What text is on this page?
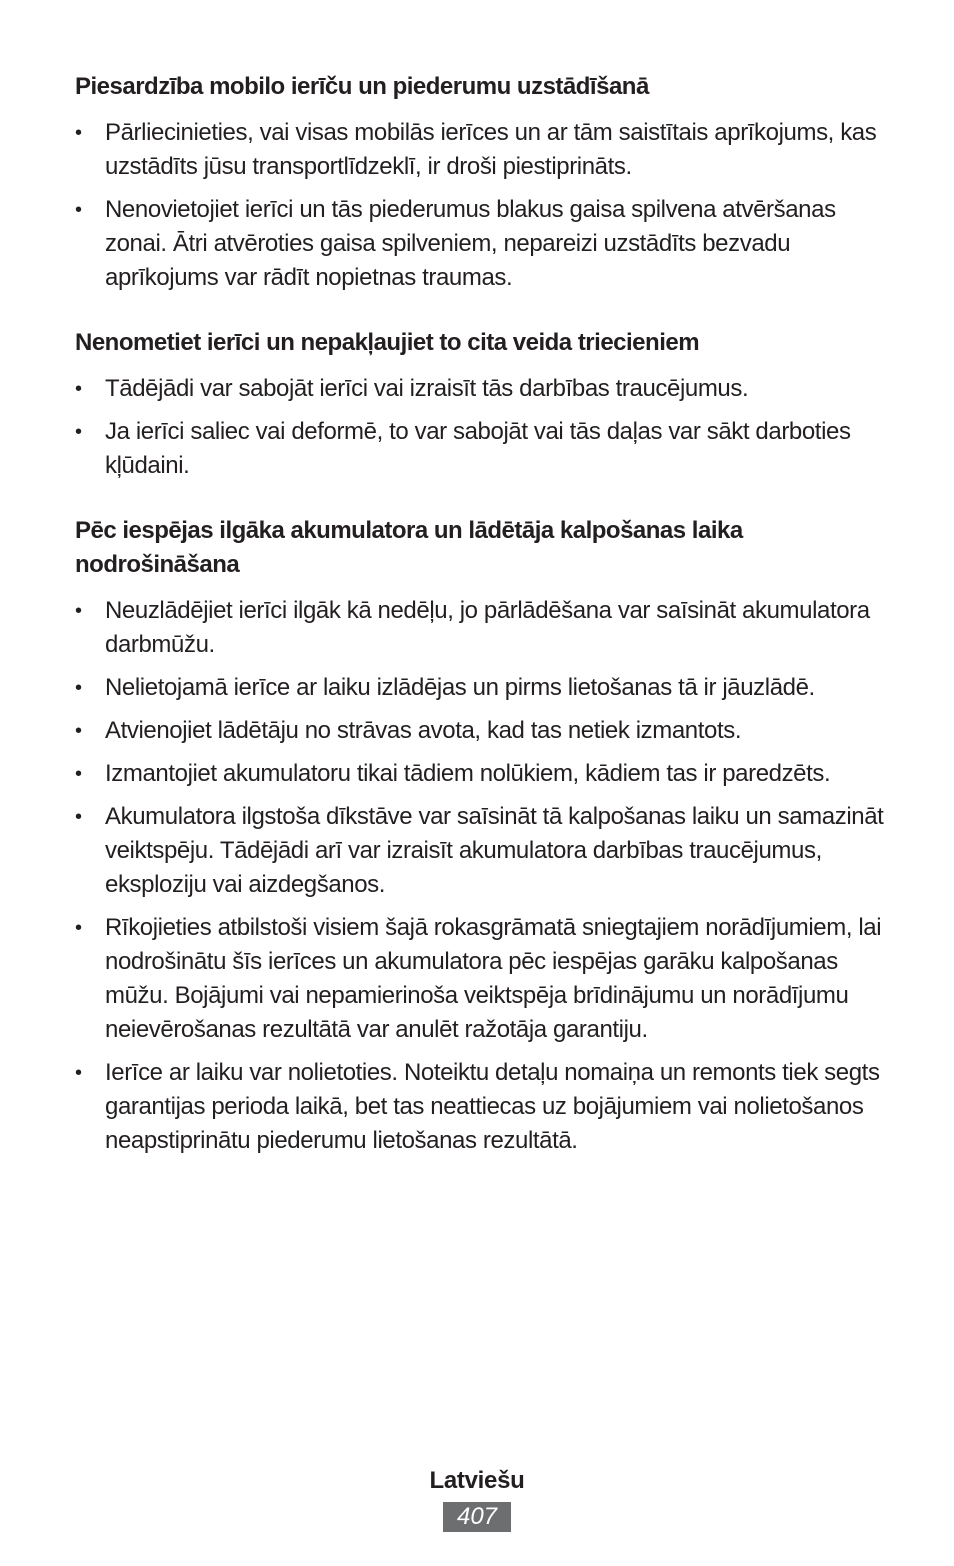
Piesardzība mobilo ierīču un piederumu uzstādīšanā
• Pārliecinieties, vai visas mobilās ierīces un ar tām saistītais aprīkojums, kas uzstādīts jūsu transportlīdzeklī, ir droši piestiprināts.
• Nenovietojiet ierīci un tās piederumus blakus gaisa spilvena atvēršanas zonai. Ātri atvēroties gaisa spilveniem, nepareizi uzstādīts bezvadu aprīkojums var rādīt nopietnas traumas.
Nenometiet ierīci un nepakļaujiet to cita veida triecieniem
• Tādējādi var sabojāt ierīci vai izraisīt tās darbības traucējumus.
• Ja ierīci saliec vai deformē, to var sabojāt vai tās daļas var sākt darboties kļūdaini.
Pēc iespējas ilgāka akumulatora un lādētāja kalpošanas laika nodrošināšana
• Neuzlādējiet ierīci ilgāk kā nedēļu, jo pārlādēšana var saīsināt akumulatora darbmūžu.
• Nelietojamā ierīce ar laiku izlādējas un pirms lietošanas tā ir jāuzlādē.
• Atvienojiet lādētāju no strāvas avota, kad tas netiek izmantots.
• Izmantojiet akumulatoru tikai tādiem nolūkiem, kādiem tas ir paredzēts.
• Akumulatora ilgstoša dīkstāve var saīsināt tā kalpošanas laiku un samazināt veiktspēju. Tādējādi arī var izraisīt akumulatora darbības traucējumus, eksploziju vai aizdegšanos.
• Rīkojieties atbilstoši visiem šajā rokasgrāmatā sniegtajiem norādījumiem, lai nodrošinātu šīs ierīces un akumulatora pēc iespējas garāku kalpošanas mūžu. Bojājumi vai nepamierinoša veiktspēja brīdinājumu un norādījumu neievērošanas rezultātā var anulēt ražotāja garantiju.
• Ierīce ar laiku var nolietoties. Noteiktu detaļu nomaiņa un remonts tiek segts garantijas perioda laikā, bet tas neattiecas uz bojājumiem vai nolietošanos neapstiprinātu piederumu lietošanas rezultātā.
Latviešu
407
